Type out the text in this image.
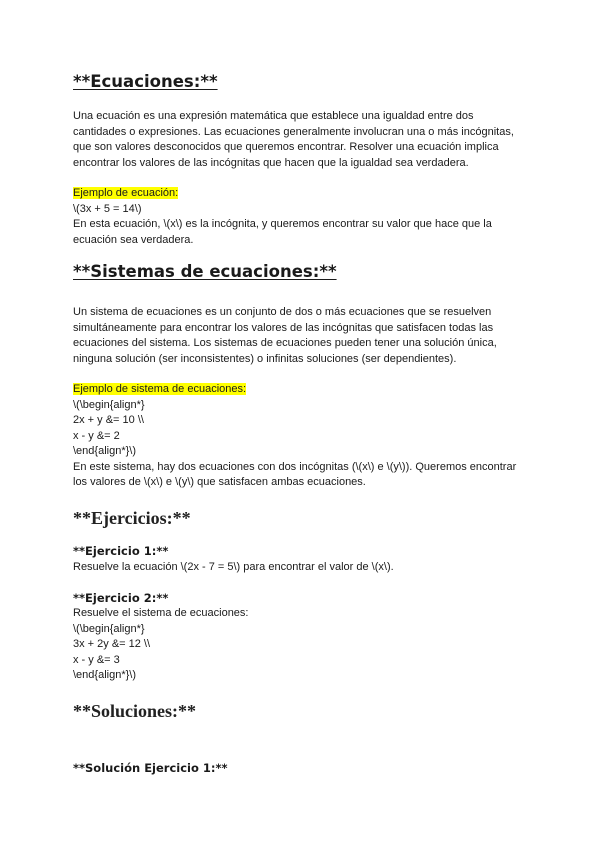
**Ecuaciones:**

Una ecuación es una expresión matemática que establece una igualdad entre dos
cantidades o expresiones. Las ecuaciones generalmente involucran una o más incógnitas,
que son valores desconocidos que queremos encontrar. Resolver una ecuación implica
encontrar los valores de las incógnitas que hacen que la igualdad sea verdadera.

Ejemplo de ecuación:
\(3x + 5 = 14\)
En esta ecuación, \(x\) es la incógnita, y queremos encontrar su valor que hace que la
ecuación sea verdadera.

**Sistemas de ecuaciones:**

Un sistema de ecuaciones es un conjunto de dos o más ecuaciones que se resuelven
simultáneamente para encontrar los valores de las incógnitas que satisfacen todas las
ecuaciones del sistema. Los sistemas de ecuaciones pueden tener una solución única,
ninguna solución (ser inconsistentes) o infinitas soluciones (ser dependientes).

Ejemplo de sistema de ecuaciones:
\(\begin{align*}
2x + y &= 10 \\
x - y &= 2
\end{align*}\)
En este sistema, hay dos ecuaciones con dos incógnitas (\(x\) e \(y\)). Queremos encontrar
los valores de \(x\) e \(y\) que satisfacen ambas ecuaciones.

**Ejercicios:**
**Ejercicio 1:**

Resuelve la ecuación \(2x - 7 = 5\) para encontrar el valor de \(x\).

**Ejercicio 2:**

Resuelve el sistema de ecuaciones:
\(\begin{align*}
3x + 2y &= 12 \\
x - y &= 3
\end{align*}\)

**Soluciones:**
**Solución Ejercicio 1:**
